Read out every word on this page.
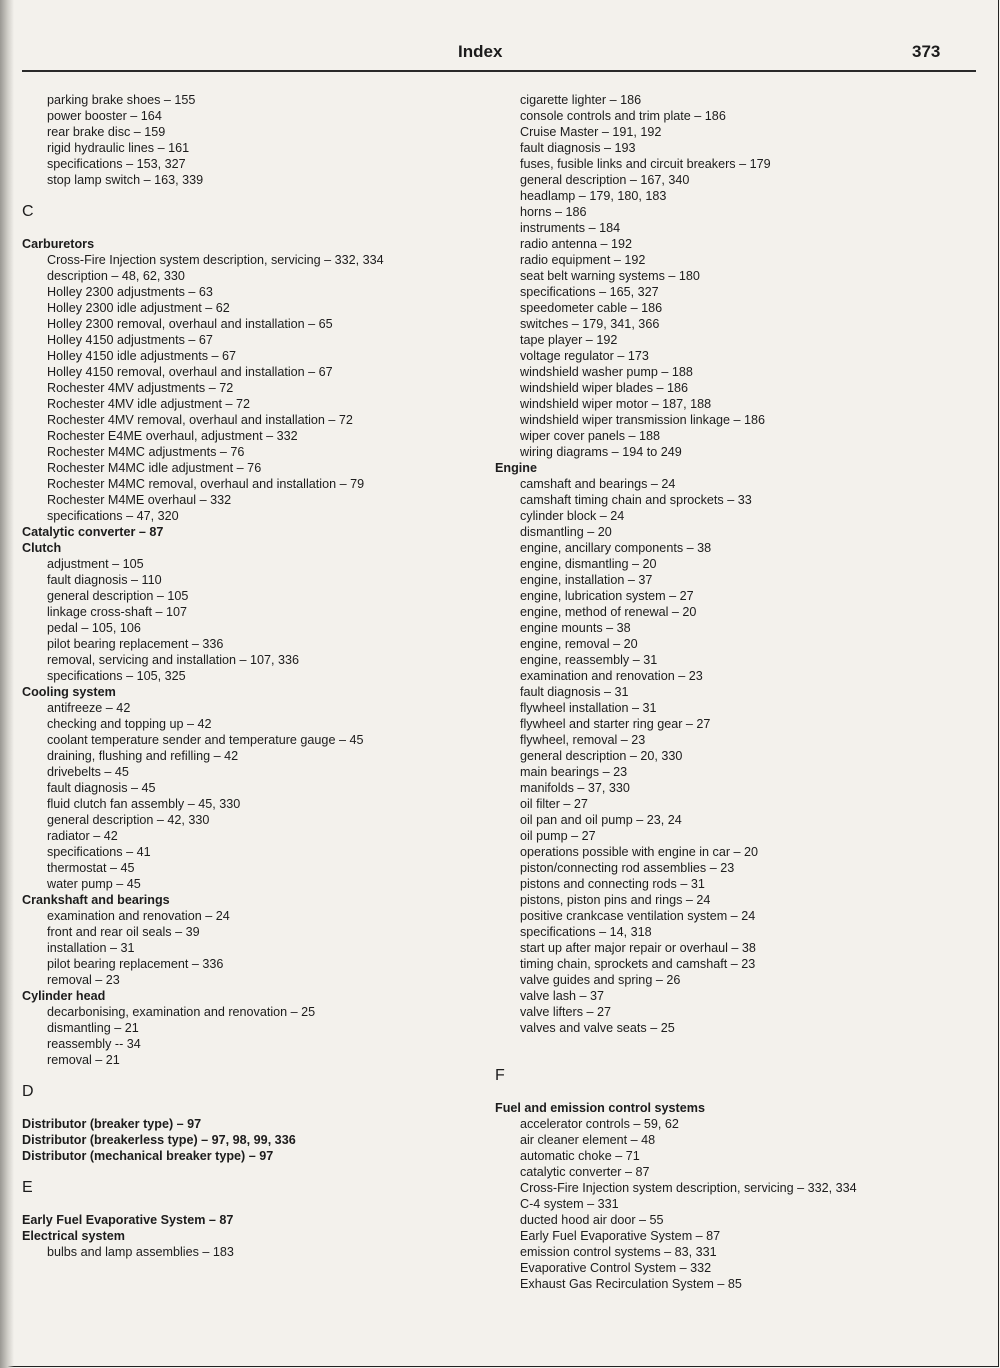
Index	373
parking brake shoes – 155
power booster – 164
rear brake disc – 159
rigid hydraulic lines – 161
specifications – 153, 327
stop lamp switch – 163, 339
C
Carburetors
Cross-Fire Injection system description, servicing – 332, 334
description – 48, 62, 330
Holley 2300 adjustments – 63
Holley 2300 idle adjustment – 62
Holley 2300 removal, overhaul and installation – 65
Holley 4150 adjustments – 67
Holley 4150 idle adjustments – 67
Holley 4150 removal, overhaul and installation – 67
Rochester 4MV adjustments – 72
Rochester 4MV idle adjustment – 72
Rochester 4MV removal, overhaul and installation – 72
Rochester E4ME overhaul, adjustment – 332
Rochester M4MC adjustments – 76
Rochester M4MC idle adjustment – 76
Rochester M4MC removal, overhaul and installation – 79
Rochester M4ME overhaul – 332
specifications – 47, 320
Catalytic converter – 87
Clutch
adjustment – 105
fault diagnosis – 110
general description – 105
linkage cross-shaft – 107
pedal – 105, 106
pilot bearing replacement – 336
removal, servicing and installation – 107, 336
specifications – 105, 325
Cooling system
antifreeze – 42
checking and topping up – 42
coolant temperature sender and temperature gauge – 45
draining, flushing and refilling – 42
drivebelts – 45
fault diagnosis – 45
fluid clutch fan assembly – 45, 330
general description – 42, 330
radiator – 42
specifications – 41
thermostat – 45
water pump – 45
Crankshaft and bearings
examination and renovation – 24
front and rear oil seals – 39
installation – 31
pilot bearing replacement – 336
removal – 23
Cylinder head
decarbonising, examination and renovation – 25
dismantling – 21
reassembly -- 34
removal – 21
D
Distributor (breaker type) – 97
Distributor (breakerless type) – 97, 98, 99, 336
Distributor (mechanical breaker type) – 97
E
Early Fuel Evaporative System – 87
Electrical system
bulbs and lamp assemblies – 183
cigarette lighter – 186
console controls and trim plate – 186
Cruise Master – 191, 192
fault diagnosis – 193
fuses, fusible links and circuit breakers – 179
general description – 167, 340
headlamp – 179, 180, 183
horns – 186
instruments – 184
radio antenna – 192
radio equipment – 192
seat belt warning systems – 180
specifications – 165, 327
speedometer cable – 186
switches – 179, 341, 366
tape player – 192
voltage regulator – 173
windshield washer pump – 188
windshield wiper blades – 186
windshield wiper motor – 187, 188
windshield wiper transmission linkage – 186
wiper cover panels – 188
wiring diagrams – 194 to 249
Engine
camshaft and bearings – 24
camshaft timing chain and sprockets – 33
cylinder block – 24
dismantling – 20
engine, ancillary components – 38
engine, dismantling – 20
engine, installation – 37
engine, lubrication system – 27
engine, method of renewal – 20
engine mounts – 38
engine, removal – 20
engine, reassembly – 31
examination and renovation – 23
fault diagnosis – 31
flywheel installation – 31
flywheel and starter ring gear – 27
flywheel, removal – 23
general description – 20, 330
main bearings – 23
manifolds – 37, 330
oil filter – 27
oil pan and oil pump – 23, 24
oil pump – 27
operations possible with engine in car – 20
piston/connecting rod assemblies – 23
pistons and connecting rods – 31
pistons, piston pins and rings – 24
positive crankcase ventilation system – 24
specifications – 14, 318
start up after major repair or overhaul – 38
timing chain, sprockets and camshaft – 23
valve guides and spring – 26
valve lash – 37
valve lifters – 27
valves and valve seats – 25
F
Fuel and emission control systems
accelerator controls – 59, 62
air cleaner element – 48
automatic choke – 71
catalytic converter – 87
Cross-Fire Injection system description, servicing – 332, 334
C-4 system – 331
ducted hood air door – 55
Early Fuel Evaporative System – 87
emission control systems – 83, 331
Evaporative Control System – 332
Exhaust Gas Recirculation System – 85
